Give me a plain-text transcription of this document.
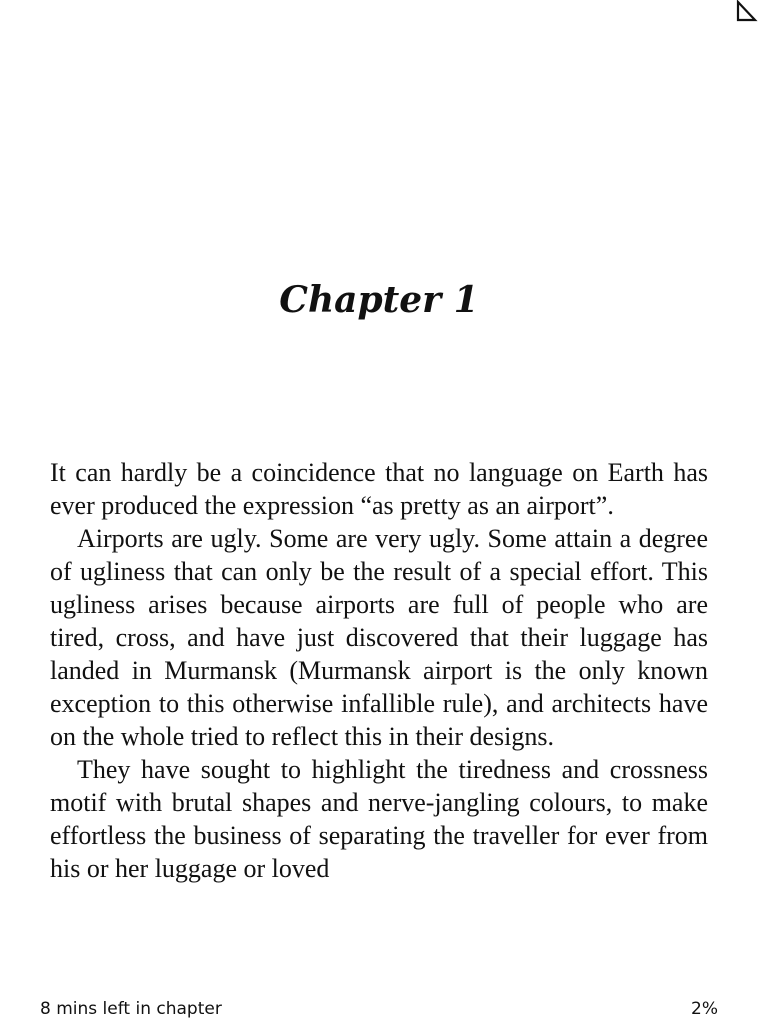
Chapter 1

It can hardly be a coincidence that no language on Earth has ever produced the expression “as pretty as an airport”.

Airports are ugly. Some are very ugly. Some attain a degree of ugliness that can only be the result of a special effort. This ugliness arises because airports are full of people who are tired, cross, and have just discovered that their luggage has landed in Murmansk (Murmansk airport is the only known exception to this otherwise infallible rule), and architects have on the whole tried to reflect this in their designs.

They have sought to highlight the tiredness and crossness motif with brutal shapes and nerve-jangling colours, to make effortless the business of separating the traveller for ever from his or her luggage or loved

8 mins left in chapter	2%
